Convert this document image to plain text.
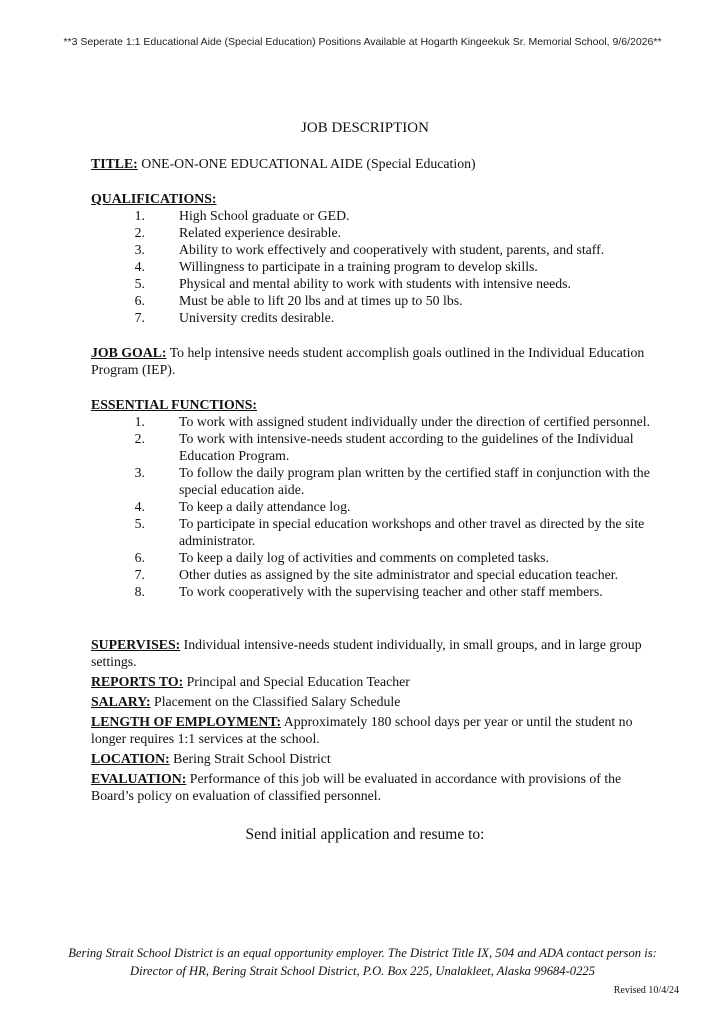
**3 Seperate 1:1 Educational Aide (Special Education) Positions Available at Hogarth Kingeekuk Sr. Memorial School, 9/6/2026**
JOB DESCRIPTION
TITLE: ONE-ON-ONE EDUCATIONAL AIDE (Special Education)
QUALIFICATIONS:
1. High School graduate or GED.
2. Related experience desirable.
3. Ability to work effectively and cooperatively with student, parents, and staff.
4. Willingness to participate in a training program to develop skills.
5. Physical and mental ability to work with students with intensive needs.
6. Must be able to lift 20 lbs and at times up to 50 lbs.
7. University credits desirable.
JOB GOAL: To help intensive needs student accomplish goals outlined in the Individual Education Program (IEP).
ESSENTIAL FUNCTIONS:
1. To work with assigned student individually under the direction of certified personnel.
2. To work with intensive-needs student according to the guidelines of the Individual Education Program.
3. To follow the daily program plan written by the certified staff in conjunction with the special education aide.
4. To keep a daily attendance log.
5. To participate in special education workshops and other travel as directed by the site administrator.
6. To keep a daily log of activities and comments on completed tasks.
7. Other duties as assigned by the site administrator and special education teacher.
8. To work cooperatively with the supervising teacher and other staff members.
SUPERVISES: Individual intensive-needs student individually, in small groups, and in large group settings.
REPORTS TO: Principal and Special Education Teacher
SALARY: Placement on the Classified Salary Schedule
LENGTH OF EMPLOYMENT: Approximately 180 school days per year or until the student no longer requires 1:1 services at the school.
LOCATION: Bering Strait School District
EVALUATION: Performance of this job will be evaluated in accordance with provisions of the Board’s policy on evaluation of classified personnel.
Send initial application and resume to:
Bering Strait School District is an equal opportunity employer. The District Title IX, 504 and ADA contact person is:
Director of HR, Bering Strait School District, P.O. Box 225, Unalakleet, Alaska 99684-0225
Revised 10/4/24
